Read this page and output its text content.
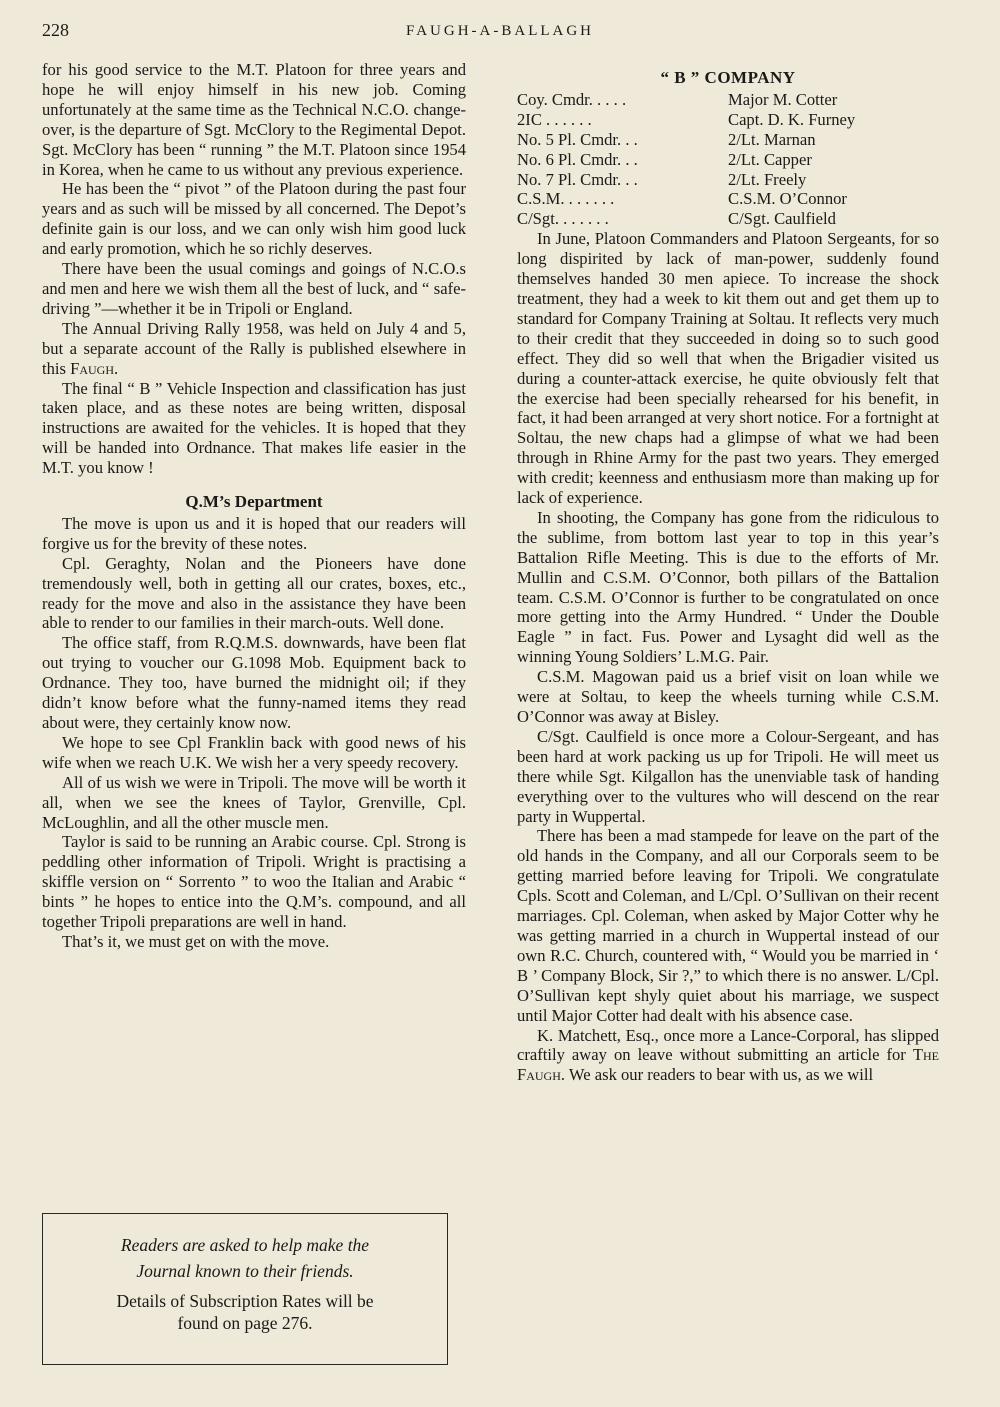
228	FAUGH-A-BALLAGH

for his good service to the M.T. Platoon for three years and hope he will enjoy himself in his new job. Coming unfortunately at the same time as the Technical N.C.O. change-over, is the departure of Sgt. McClory to the Regimental Depot. Sgt. McClory has been “ running ” the M.T. Platoon since 1954 in Korea, when he came to us without any previous experience.

He has been the “ pivot ” of the Platoon during the past four years and as such will be missed by all concerned. The Depot’s definite gain is our loss, and we can only wish him good luck and early promotion, which he so richly deserves.

There have been the usual comings and goings of N.C.O.s and men and here we wish them all the best of luck, and “ safe-driving ”—whether it be in Tripoli or England.

The Annual Driving Rally 1958, was held on July 4 and 5, but a separate account of the Rally is published elsewhere in this Faugh.

The final “ B ” Vehicle Inspection and classification has just taken place, and as these notes are being written, disposal instructions are awaited for the vehicles. It is hoped that they will be handed into Ordnance. That makes life easier in the M.T. you know !

Q.M’s Department

The move is upon us and it is hoped that our readers will forgive us for the brevity of these notes.

Cpl. Geraghty, Nolan and the Pioneers have done tremendously well, both in getting all our crates, boxes, etc., ready for the move and also in the assistance they have been able to render to our families in their march-outs. Well done.

The office staff, from R.Q.M.S. downwards, have been flat out trying to voucher our G.1098 Mob. Equipment back to Ordnance. They too, have burned the midnight oil; if they didn’t know before what the funny-named items they read about were, they certainly know now.

We hope to see Cpl Franklin back with good news of his wife when we reach U.K. We wish her a very speedy recovery.

All of us wish we were in Tripoli. The move will be worth it all, when we see the knees of Taylor, Grenville, Cpl. McLoughlin, and all the other muscle men.

Taylor is said to be running an Arabic course. Cpl. Strong is peddling other information of Tripoli. Wright is practising a skiffle version on “ Sorrento ” to woo the Italian and Arabic “ bints ” he hopes to entice into the Q.M’s. compound, and all together Tripoli preparations are well in hand.

That’s it, we must get on with the move.

Readers are asked to help make the
Journal known to their friends.
Details of Subscription Rates will be
found on page 276.
“ B ” COMPANY
Coy. Cmdr. . . . .	Major M. Cotter
2IC . . . . . .	Capt. D. K. Furney
No. 5 Pl. Cmdr. . .	2/Lt. Marnan
No. 6 Pl. Cmdr. . .	2/Lt. Capper
No. 7 Pl. Cmdr. . .	2/Lt. Freely
C.S.M. . . . . . .	C.S.M. O’Connor
C/Sgt. . . . . . .	C/Sgt. Caulfield

In June, Platoon Commanders and Platoon Sergeants, for so long dispirited by lack of man-power, suddenly found themselves handed 30 men apiece. To increase the shock treatment, they had a week to kit them out and get them up to standard for Company Training at Soltau. It reflects very much to their credit that they succeeded in doing so to such good effect. They did so well that when the Brigadier visited us during a counter-attack exercise, he quite obviously felt that the exercise had been specially rehearsed for his benefit, in fact, it had been arranged at very short notice. For a fortnight at Soltau, the new chaps had a glimpse of what we had been through in Rhine Army for the past two years. They emerged with credit; keenness and enthusiasm more than making up for lack of experience.

In shooting, the Company has gone from the ridiculous to the sublime, from bottom last year to top in this year’s Battalion Rifle Meeting. This is due to the efforts of Mr. Mullin and C.S.M. O’Connor, both pillars of the Battalion team. C.S.M. O’Connor is further to be congratulated on once more getting into the Army Hundred. “ Under the Double Eagle ” in fact. Fus. Power and Lysaght did well as the winning Young Soldiers’ L.M.G. Pair.

C.S.M. Magowan paid us a brief visit on loan while we were at Soltau, to keep the wheels turning while C.S.M. O’Connor was away at Bisley.

C/Sgt. Caulfield is once more a Colour-Sergeant, and has been hard at work packing us up for Tripoli. He will meet us there while Sgt. Kilgallon has the unenviable task of handing everything over to the vultures who will descend on the rear party in Wuppertal.

There has been a mad stampede for leave on the part of the old hands in the Company, and all our Corporals seem to be getting married before leaving for Tripoli. We congratulate Cpls. Scott and Coleman, and L/Cpl. O’Sullivan on their recent marriages. Cpl. Coleman, when asked by Major Cotter why he was getting married in a church in Wuppertal instead of our own R.C. Church, countered with, “ Would you be married in ‘ B ’ Company Block, Sir ?,” to which there is no answer. L/Cpl. O’Sullivan kept shyly quiet about his marriage, we suspect until Major Cotter had dealt with his absence case.

K. Matchett, Esq., once more a Lance-Corporal, has slipped craftily away on leave without submitting an article for The Faugh. We ask our readers to bear with us, as we will
